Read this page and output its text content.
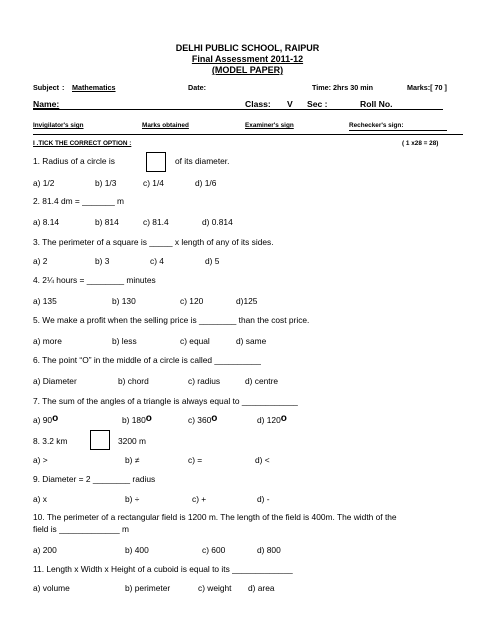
DELHI PUBLIC SCHOOL, RAIPUR
Final Assessment 2011-12
(MODEL PAPER)
Subject : Mathematics	Date:	Time: 2hrs 30 min	Marks:[ 70 ]
Name:	Class: V Sec :	Roll No.
Invigilator's sign	Marks obtained	Examiner's sign	Rechecker's sign:
I .TICK THE CORRECT OPTION :	( 1 x28 = 28)
1. Radius of a circle is	of its diameter.
a) 1/2	b) 1/3	c) 1/4	d) 1/6
2. 81.4 dm = _______ m
a) 8.14	b) 814	c) 81.4	d) 0.814
3. The perimeter of a square is _____ x length of any of its sides.
a) 2	b) 3	c) 4	d) 5
4. 2¼ hours = ________ minutes
a) 135	b) 130	c) 120	d)125
5. We make a profit when the selling price is ________ than the cost price.
a) more	b) less	c) equal	d) same
6. The point “O” in the middle of a circle is called __________
a) Diameter	b) chord	c) radius	d) centre
7. The sum of the angles of a triangle is always equal to ____________
a) 90o	b) 180o	c) 360o	d) 120o
8. 3.2 km	3200 m
a) >	b) ≠	c) =	d) <
9. Diameter = 2 ________ radius
a) x	b) ÷	c) +	d) -
10. The perimeter of a rectangular field is 1200 m. The length of the field is 400m. The width of the
field is _____________ m
a) 200	b) 400	c) 600	d) 800
11. Length x Width x Height of a cuboid is equal to its _____________
a) volume	b) perimeter	c) weight d) area
